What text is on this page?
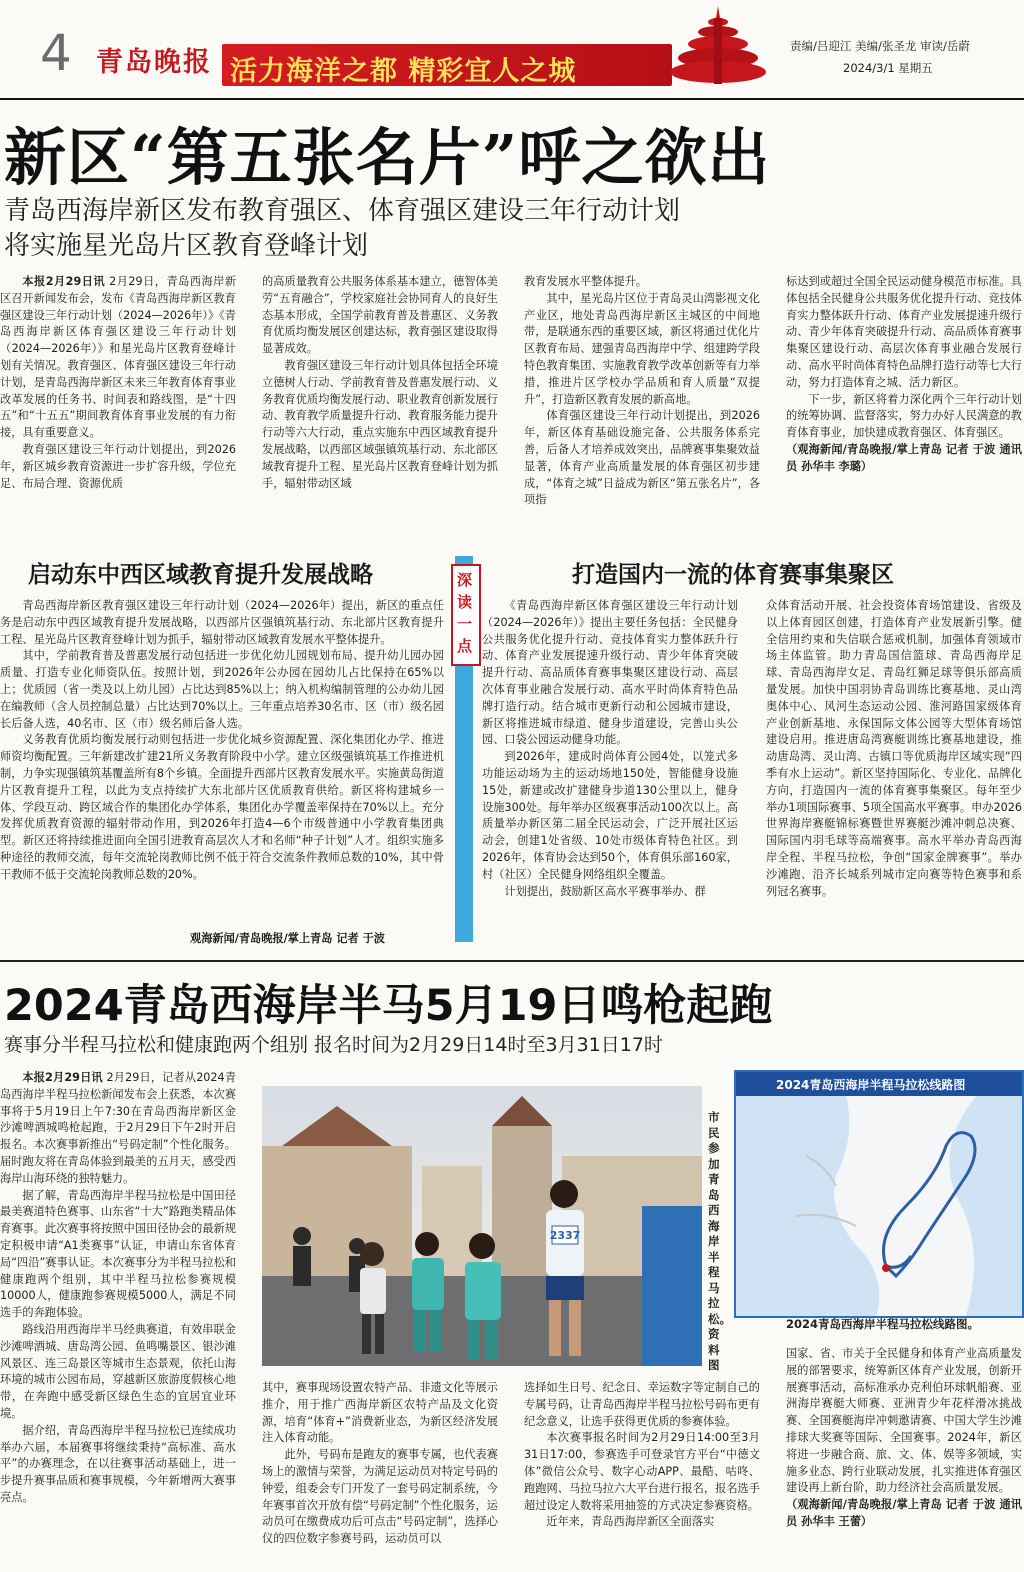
4 青岛晚报 活力海洋之都 精彩宜人之城
责编/吕迎江 美编/张圣龙 审读/岳蔚
2024/3/1 星期五
新区“第五张名片”呼之欲出
青岛西海岸新区发布教育强区、体育强区建设三年行动计划
将实施星光岛片区教育登峰计划

本报2月29日讯 2月29日，青岛西海岸新区召开新闻发布会，发布《青岛西海岸新区教育强区建设三年行动计划（2024—2026年）》《青岛西海岸新区体育强区建设三年行动计划（2024—2026年）》和星光岛片区教育登峰计划有关情况。教育强区、体育强区建设三年行动计划，是青岛西海岸新区未来三年教育体育事业改革发展的任务书、时间表和路线图，是“十四五”和“十五五”期间教育体育事业发展的有力衔接，具有重要意义。

教育强区建设三年行动计划提出，到2026年，新区城乡教育资源进一步扩容升级，学位充足、布局合理、资源优质

的高质量教育公共服务体系基本建立，德智体美劳“五育融合”，学校家庭社会协同育人的良好生态基本形成，全国学前教育普及普惠区、义务教育优质均衡发展区创建达标，教育强区建设取得显著成效。

教育强区建设三年行动计划具体包括全环境立德树人行动、学前教育普及普惠发展行动、义务教育优质均衡发展行动、职业教育创新发展行动、教育教学质量提升行动、教育服务能力提升行动等六大行动，重点实施东中西区域教育提升发展战略，以西部区域强镇筑基行动、东北部区域教育提升工程、星光岛片区教育登峰计划为抓手，辐射带动区域

教育发展水平整体提升。

其中，星光岛片区位于青岛灵山湾影视文化产业区，地处青岛西海岸新区主城区的中间地带，是联通东西的重要区域，新区将通过优化片区教育布局、建强青岛西海岸中学、组建跨学段特色教育集团、实施教育教学改革创新等有力举措，推进片区学校办学品质和育人质量“双提升”，打造新区教育发展的新高地。

体育强区建设三年行动计划提出，到2026年，新区体育基础设施完备、公共服务体系完善，后备人才培养成效突出，品牌赛事集聚效益显著，体育产业高质量发展的体育强区初步建成，“体育之城”日益成为新区“第五张名片”，各项指

标达到或超过全国全民运动健身模范市标准。具体包括全民健身公共服务优化提升行动、竞技体育实力整体跃升行动、体育产业发展提速升级行动、青少年体育突破提升行动、高品质体育赛事集聚区建设行动、高层次体育事业融合发展行动、高水平时尚体育特色品牌打造行动等七大行动，努力打造体育之城、活力新区。

下一步，新区将着力深化两个三年行动计划的统筹协调、监督落实，努力办好人民满意的教育体育事业，加快建成教育强区、体育强区。

（观海新闻/青岛晚报/掌上青岛 记者 于波 通讯员 孙华丰 李璐）

启动东中西区域教育提升发展战略	打造国内一流的体育赛事集聚区
深读一点

青岛西海岸新区教育强区建设三年行动计划（2024—2026年）提出，新区的重点任务是启动东中西区域教育提升发展战略，以西部片区强镇筑基行动、东北部片区教育提升工程、星光岛片区教育登峰计划为抓手，辐射带动区域教育发展水平整体提升。

其中，学前教育普及普惠发展行动包括进一步优化幼儿园规划布局、提升幼儿园办园质量、打造专业化师资队伍。按照计划，到2026年公办园在园幼儿占比保持在65%以上；优质园（省一类及以上幼儿园）占比达到85%以上；纳入机构编制管理的公办幼儿园在编教师（含人员控制总量）占比达到70%以上。三年重点培养30名市、区（市）级名园长后备人选，40名市、区（市）级名师后备人选。

义务教育优质均衡发展行动则包括进一步优化城乡资源配置、深化集团化办学、推进师资均衡配置。三年新建改扩建21所义务教育阶段中小学。建立区级强镇筑基工作推进机制，力争实现强镇筑基覆盖所有8个乡镇。全面提升西部片区教育发展水平。实施黄岛街道片区教育提升工程，以此为支点持续扩大东北部片区优质教育供给。新区将构建城乡一体、学段互动、跨区域合作的集团化办学体系，集团化办学覆盖率保持在70%以上。充分发挥优质教育资源的辐射带动作用，到2026年打造4—6个市级普通中小学教育集团典型。新区还将持续推进面向全国引进教育高层次人才和名师“种子计划”人才。组织实施多种途径的教师交流，每年交流轮岗教师比例不低于符合交流条件教师总数的10%，其中骨干教师不低于交流轮岗教师总数的20%。

观海新闻/青岛晚报/掌上青岛 记者 于波

《青岛西海岸新区体育强区建设三年行动计划（2024—2026年）》提出主要任务包括：全民健身公共服务优化提升行动、竞技体育实力整体跃升行动、体育产业发展提速升级行动、青少年体育突破提升行动、高品质体育赛事集聚区建设行动、高层次体育事业融合发展行动、高水平时尚体育特色品牌打造行动。结合城市更新行动和公园城市建设，新区将推进城市绿道、健身步道建设，完善山头公园、口袋公园运动健身功能。

到2026年，建成时尚体育公园4处，以笼式多功能运动场为主的运动场地150处，智能健身设施15处，新建或改扩建健身步道130公里以上，健身设施300处。每年举办区级赛事活动100次以上。高质量举办新区第二届全民运动会，广泛开展社区运动会，创建1处省级、10处市级体育特色社区。到2026年，体育协会达到50个，体育俱乐部160家，村（社区）全民健身网络组织全覆盖。

计划提出，鼓励新区高水平赛事举办、群

众体育活动开展、社会投资体育场馆建设、省级及以上体育园区创建，打造体育产业发展新引擎。健全信用约束和失信联合惩戒机制，加强体育领域市场主体监管。助力青岛国信篮球、青岛西海岸足球、青岛西海岸女足、青岛红狮足球等俱乐部高质量发展。加快中国羽协青岛训练比赛基地、灵山湾奥体中心、风河生态运动公园、淮河路国家级体育产业创新基地、永保国际文体公园等大型体育场馆建设启用。推进唐岛湾赛艇训练比赛基地建设，推动唐岛湾、灵山湾、古镇口等优质海岸区域实现“四季有水上运动”。新区坚持国际化、专业化、品牌化方向，打造国内一流的体育赛事集聚区。每年至少举办1项国际赛事、5项全国高水平赛事。申办2026世界海岸赛艇锦标赛暨世界赛艇沙滩冲刺总决赛、国际国内羽毛球等高端赛事。高水平举办青岛西海岸全程、半程马拉松，争创“国家金牌赛事”。举办沙滩跑、沿齐长城系列城市定向赛等特色赛事和系列冠名赛事。

2024青岛西海岸半马5月19日鸣枪起跑
赛事分半程马拉松和健康跑两个组别 报名时间为2月29日14时至3月31日17时

本报2月29日讯 2月29日，记者从2024青岛西海岸半程马拉松新闻发布会上获悉，本次赛事将于5月19日上午7:30在青岛西海岸新区金沙滩啤酒城鸣枪起跑，于2月29日下午2时开启报名。本次赛事新推出“号码定制”个性化服务。届时跑友将在青岛体验到最美的五月天，感受西海岸山海环绕的独特魅力。

据了解，青岛西海岸半程马拉松是中国田径最美赛道特色赛事、山东省“十大”路跑类精品体育赛事。此次赛事将按照中国田径协会的最新规定积极申请“A1类赛事”认证，申请山东省体育局“四沿”赛事认证。本次赛事分为半程马拉松和健康跑两个组别，其中半程马拉松参赛规模10000人，健康跑参赛规模5000人，满足不同选手的奔跑体验。

路线沿用西海岸半马经典赛道，有效串联金沙滩啤酒城、唐岛湾公园、鱼鸣嘴景区、银沙滩风景区、连三岛景区等城市生态景观，依托山海环境的城市公园布局，穿越新区旅游度假核心地带，在奔跑中感受新区绿色生态的宜居宜业环境。

据介绍，青岛西海岸半程马拉松已连续成功举办六届，本届赛事将继续秉持“高标准、高水平”的办赛理念，在以往赛事活动基础上，进一步提升赛事品质和赛事规模，今年新增两大赛事亮点。

2337
市民参加青岛西海岸半程马拉松。资料图
2024青岛西海岸半程马拉松线路图
2024青岛西海岸半程马拉松线路图。

其中，赛事现场设置农特产品、非遗文化等展示推介，用于推广西海岸新区农特产品及文化资源，培育“体育+”消费新业态，为新区经济发展注入体育动能。

此外，号码布是跑友的赛事专属，也代表赛场上的激情与荣誉，为满足运动员对特定号码的钟爱，组委会专门开发了一套号码定制系统，今年赛事首次开放有偿“号码定制”个性化服务，运动员可在缴费成功后可点击“号码定制”，选择心仪的四位数字参赛号码，运动员可以

选择如生日号、纪念日、幸运数字等定制自己的专属号码，让青岛西海岸半程马拉松号码布更有纪念意义，让选手获得更优质的参赛体验。

本次赛事报名时间为2月29日14:00至3月31日17:00，参赛选手可登录官方平台“中德文体”微信公众号、数字心动APP、最酷、咕咚、跑跑网、马拉马拉六大平台进行报名，报名选手超过设定人数将采用抽签的方式决定参赛资格。

近年来，青岛西海岸新区全面落实

国家、省、市关于全民健身和体育产业高质量发展的部署要求，统筹新区体育产业发展，创新开展赛事活动，高标准承办克利伯环球帆船赛、亚洲海岸赛艇大师赛、亚洲青少年花样滑冰挑战赛、全国赛艇海岸冲刺邀请赛、中国大学生沙滩排球大奖赛等国际、全国赛事。2024年，新区将进一步融合商、旅、文、体、娱等多领域，实施多业态、跨行业联动发展，扎实推进体育强区建设再上新台阶，助力经济社会高质量发展。

（观海新闻/青岛晚报/掌上青岛 记者 于波 通讯员 孙华丰 王蕾）
